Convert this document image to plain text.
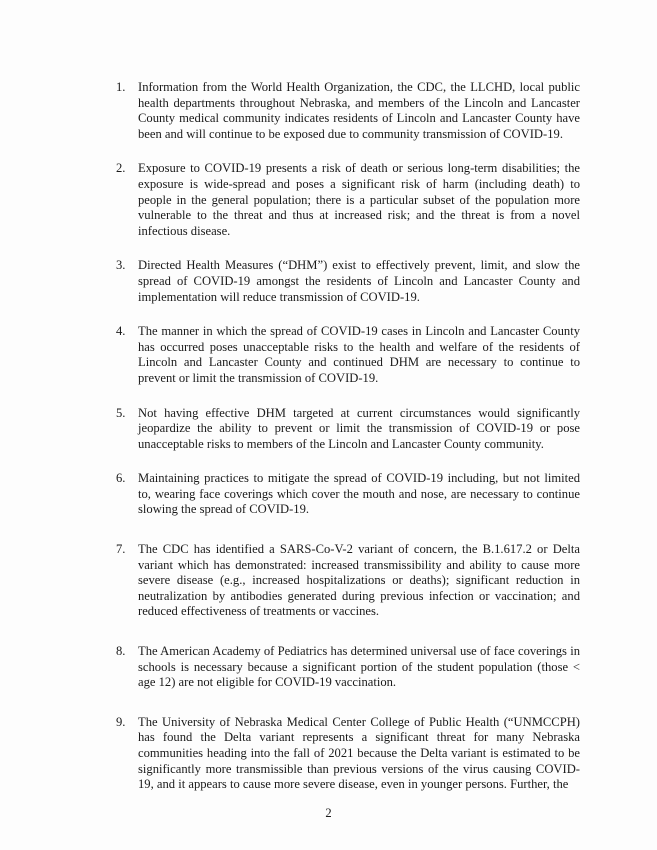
1. Information from the World Health Organization, the CDC, the LLCHD, local public health departments throughout Nebraska, and members of the Lincoln and Lancaster County medical community indicates residents of Lincoln and Lancaster County have been and will continue to be exposed due to community transmission of COVID-19.
2. Exposure to COVID-19 presents a risk of death or serious long-term disabilities; the exposure is wide-spread and poses a significant risk of harm (including death) to people in the general population; there is a particular subset of the population more vulnerable to the threat and thus at increased risk; and the threat is from a novel infectious disease.
3. Directed Health Measures (“DHM”) exist to effectively prevent, limit, and slow the spread of COVID-19 amongst the residents of Lincoln and Lancaster County and implementation will reduce transmission of COVID-19.
4. The manner in which the spread of COVID-19 cases in Lincoln and Lancaster County has occurred poses unacceptable risks to the health and welfare of the residents of Lincoln and Lancaster County and continued DHM are necessary to continue to prevent or limit the transmission of COVID-19.
5. Not having effective DHM targeted at current circumstances would significantly jeopardize the ability to prevent or limit the transmission of COVID-19 or pose unacceptable risks to members of the Lincoln and Lancaster County community.
6. Maintaining practices to mitigate the spread of COVID-19 including, but not limited to, wearing face coverings which cover the mouth and nose, are necessary to continue slowing the spread of COVID-19.
7. The CDC has identified a SARS-Co-V-2 variant of concern, the B.1.617.2 or Delta variant which has demonstrated: increased transmissibility and ability to cause more severe disease (e.g., increased hospitalizations or deaths); significant reduction in neutralization by antibodies generated during previous infection or vaccination; and reduced effectiveness of treatments or vaccines.
8. The American Academy of Pediatrics has determined universal use of face coverings in schools is necessary because a significant portion of the student population (those < age 12) are not eligible for COVID-19 vaccination.
9. The University of Nebraska Medical Center College of Public Health (“UNMCCPH) has found the Delta variant represents a significant threat for many Nebraska communities heading into the fall of 2021 because the Delta variant is estimated to be significantly more transmissible than previous versions of the virus causing COVID-19, and it appears to cause more severe disease, even in younger persons. Further, the
2
